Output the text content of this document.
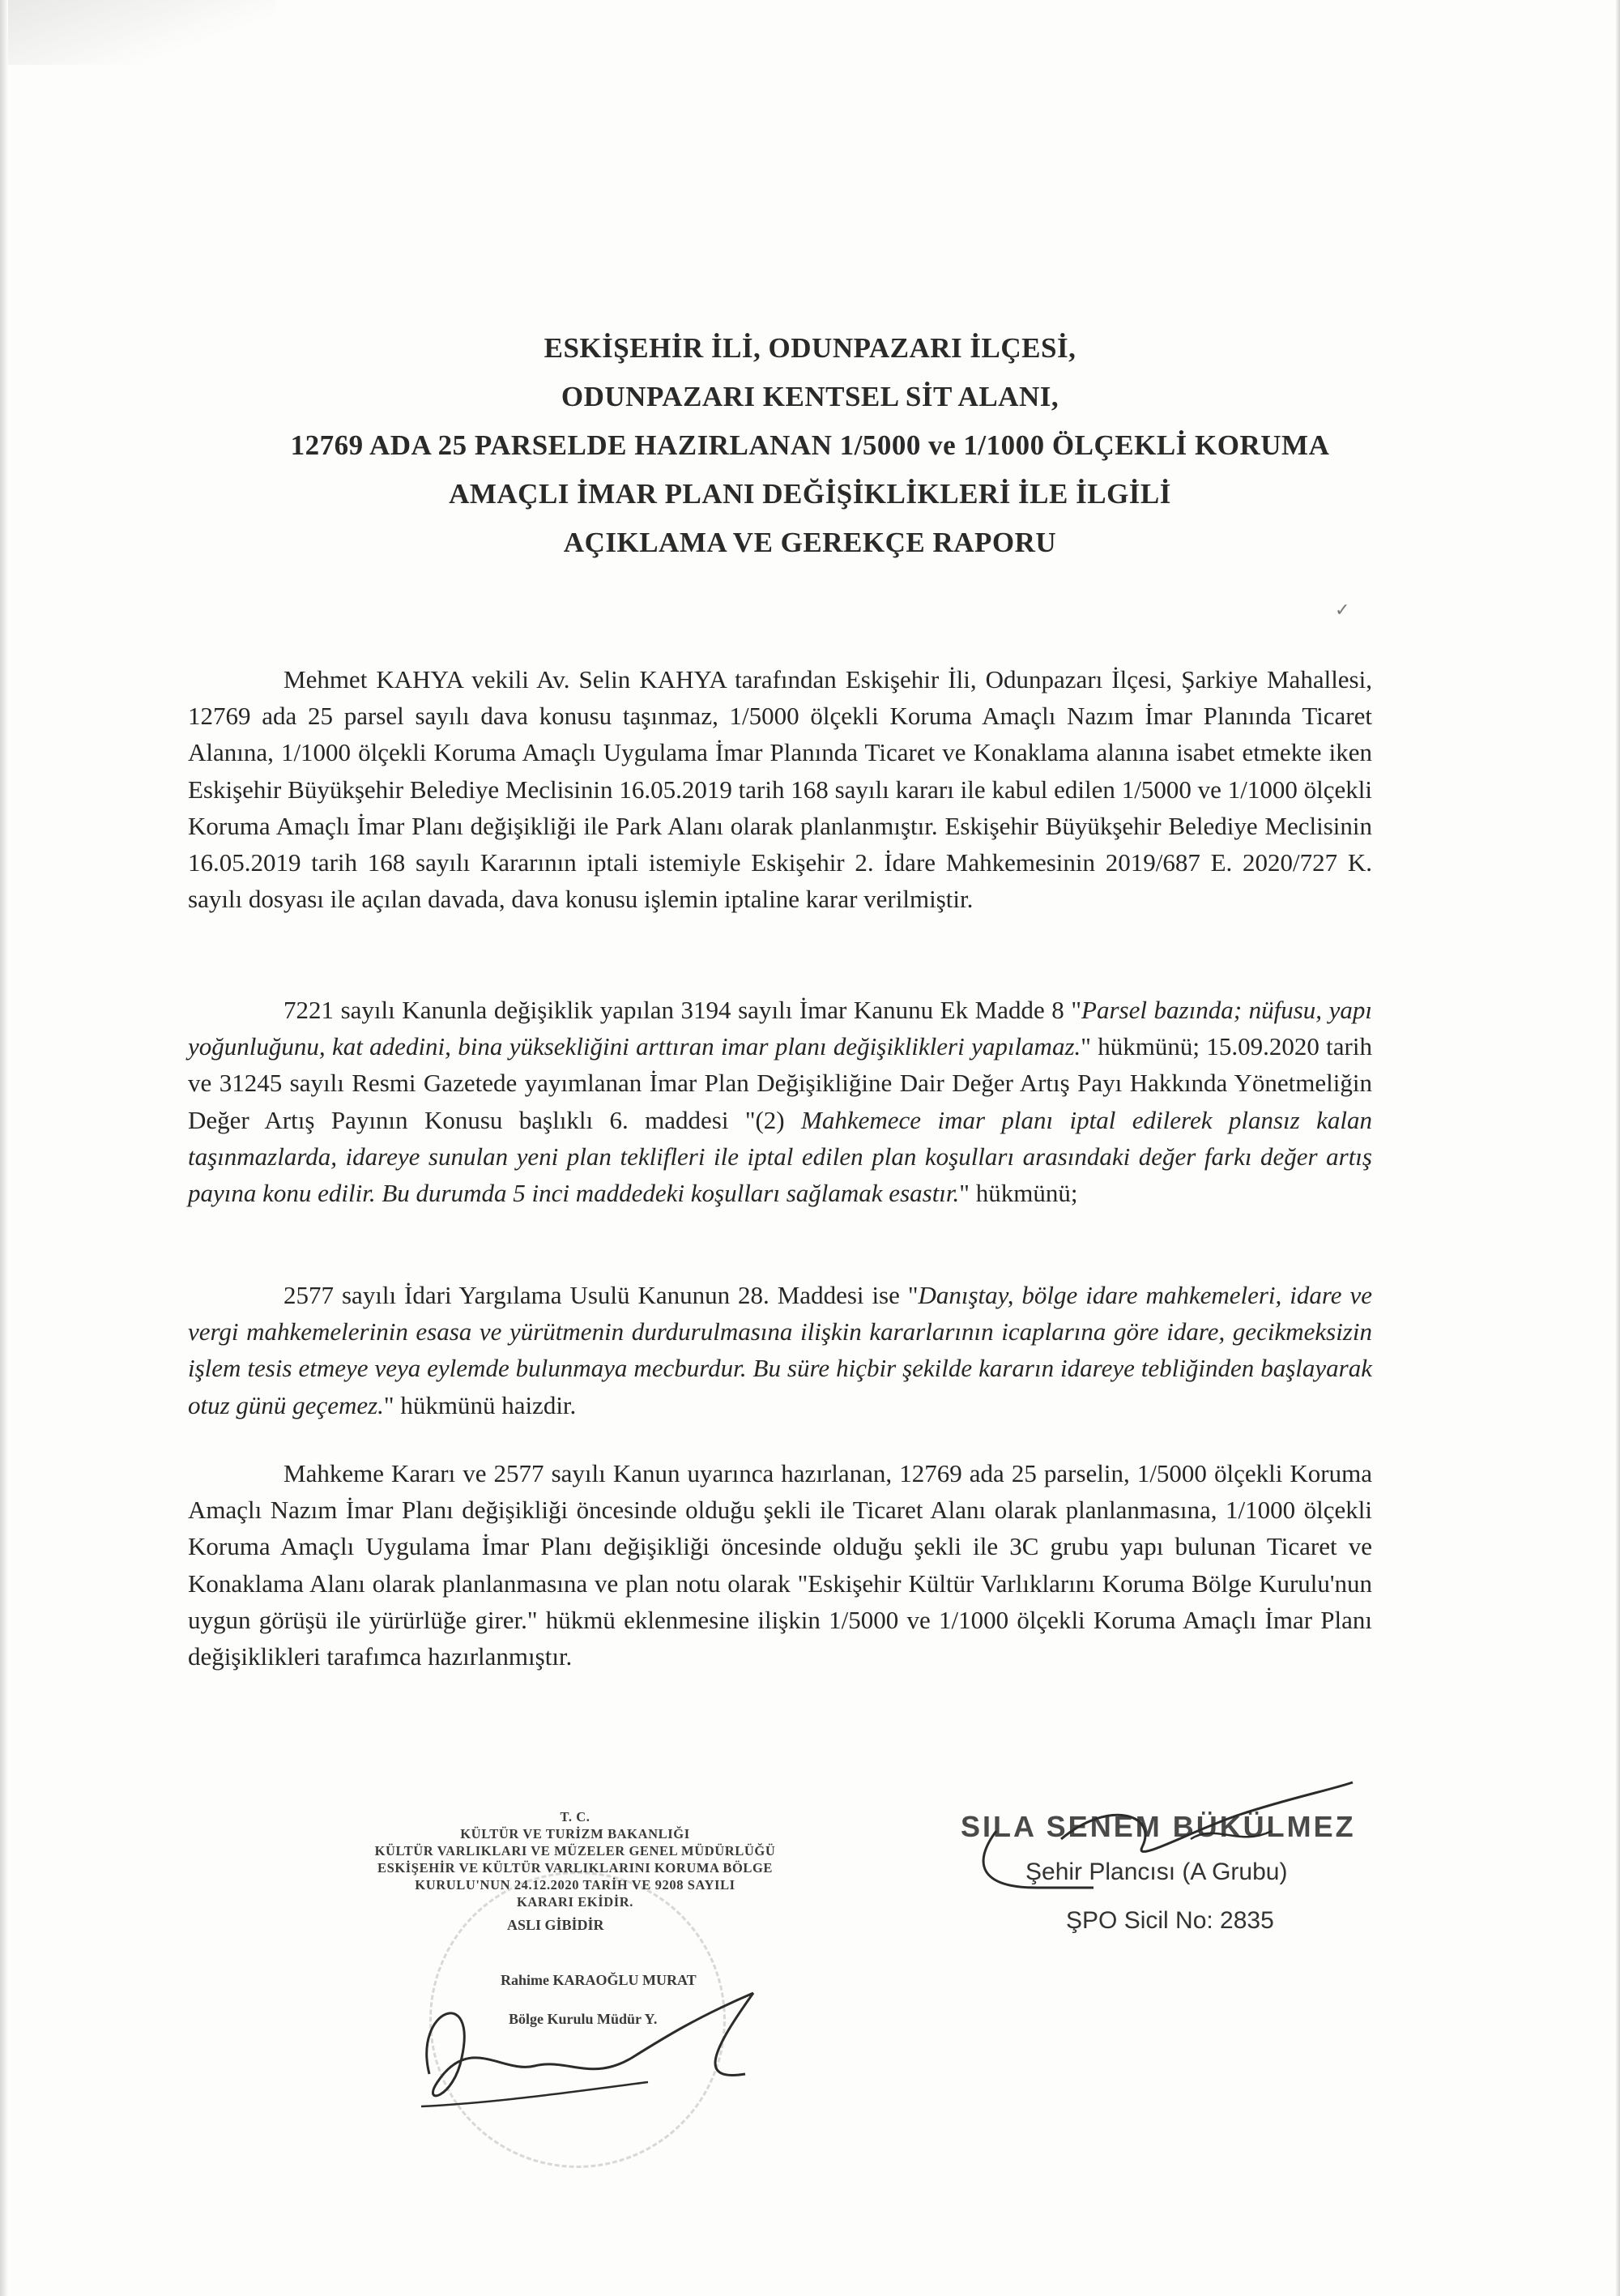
ESKİŞEHİR İLİ, ODUNPAZARI İLÇESİ,
ODUNPAZARI KENTSEL SİT ALANI,
12769 ADA 25 PARSELDE HAZIRLANAN 1/5000 ve 1/1000 ÖLÇEKLİ KORUMA
AMAÇLI İMAR PLANI DEĞİŞİKLİKLERİ İLE İLGİLİ
AÇIKLAMA VE GEREKÇE RAPORU

Mehmet KAHYA vekili Av. Selin KAHYA tarafından Eskişehir İli, Odunpazarı İlçesi, Şarkiye Mahallesi, 12769 ada 25 parsel sayılı dava konusu taşınmaz, 1/5000 ölçekli Koruma Amaçlı Nazım İmar Planında Ticaret Alanına, 1/1000 ölçekli Koruma Amaçlı Uygulama İmar Planında Ticaret ve Konaklama alanına isabet etmekte iken Eskişehir Büyükşehir Belediye Meclisinin 16.05.2019 tarih 168 sayılı kararı ile kabul edilen 1/5000 ve 1/1000 ölçekli Koruma Amaçlı İmar Planı değişikliği ile Park Alanı olarak planlanmıştır. Eskişehir Büyükşehir Belediye Meclisinin 16.05.2019 tarih 168 sayılı Kararının iptali istemiyle Eskişehir 2. İdare Mahkemesinin 2019/687 E. 2020/727 K. sayılı dosyası ile açılan davada, dava konusu işlemin iptaline karar verilmiştir.

7221 sayılı Kanunla değişiklik yapılan 3194 sayılı İmar Kanunu Ek Madde 8 "Parsel bazında; nüfusu, yapı yoğunluğunu, kat adedini, bina yüksekliğini arttıran imar planı değişiklikleri yapılamaz." hükmünü; 15.09.2020 tarih ve 31245 sayılı Resmi Gazetede yayımlanan İmar Plan Değişikliğine Dair Değer Artış Payı Hakkında Yönetmeliğin Değer Artış Payının Konusu başlıklı 6. maddesi "(2) Mahkemece imar planı iptal edilerek plansız kalan taşınmazlarda, idareye sunulan yeni plan teklifleri ile iptal edilen plan koşulları arasındaki değer farkı değer artış payına konu edilir. Bu durumda 5 inci maddedeki koşulları sağlamak esastır." hükmünü;

2577 sayılı İdari Yargılama Usulü Kanunun 28. Maddesi ise "Danıştay, bölge idare mahkemeleri, idare ve vergi mahkemelerinin esasa ve yürütmenin durdurulmasına ilişkin kararlarının icaplarına göre idare, gecikmeksizin işlem tesis etmeye veya eylemde bulunmaya mecburdur. Bu süre hiçbir şekilde kararın idareye tebliğinden başlayarak otuz günü geçemez." hükmünü haizdir.

Mahkeme Kararı ve 2577 sayılı Kanun uyarınca hazırlanan, 12769 ada 25 parselin, 1/5000 ölçekli Koruma Amaçlı Nazım İmar Planı değişikliği öncesinde olduğu şekli ile Ticaret Alanı olarak planlanmasına, 1/1000 ölçekli Koruma Amaçlı Uygulama İmar Planı değişikliği öncesinde olduğu şekli ile 3C grubu yapı bulunan Ticaret ve Konaklama Alanı olarak planlanmasına ve plan notu olarak "Eskişehir Kültür Varlıklarını Koruma Bölge Kurulu'nun uygun görüşü ile yürürlüğe girer." hükmü eklenmesine ilişkin 1/5000 ve 1/1000 ölçekli Koruma Amaçlı İmar Planı değişiklikleri tarafımca hazırlanmıştır.

T. C.
KÜLTÜR VE TURİZM BAKANLIĞI
KÜLTÜR VARLIKLARI VE MÜZELER GENEL MÜDÜRLÜĞÜ
ESKİŞEHİR VE KÜLTÜR VARLIKLARINI KORUMA BÖLGE
KURULU'NUN 24.12.2020 TARİH VE 9208 SAYILI
KARARI EKİDİR.
ASLI GİBİDİR
Rahime KARAOĞLU MURAT
Bölge Kurulu Müdür Y.
SILA SENEM BÜKÜLMEZ
Şehir Plancısı (A Grubu)
ŞPO Sicil No: 2835
✓
